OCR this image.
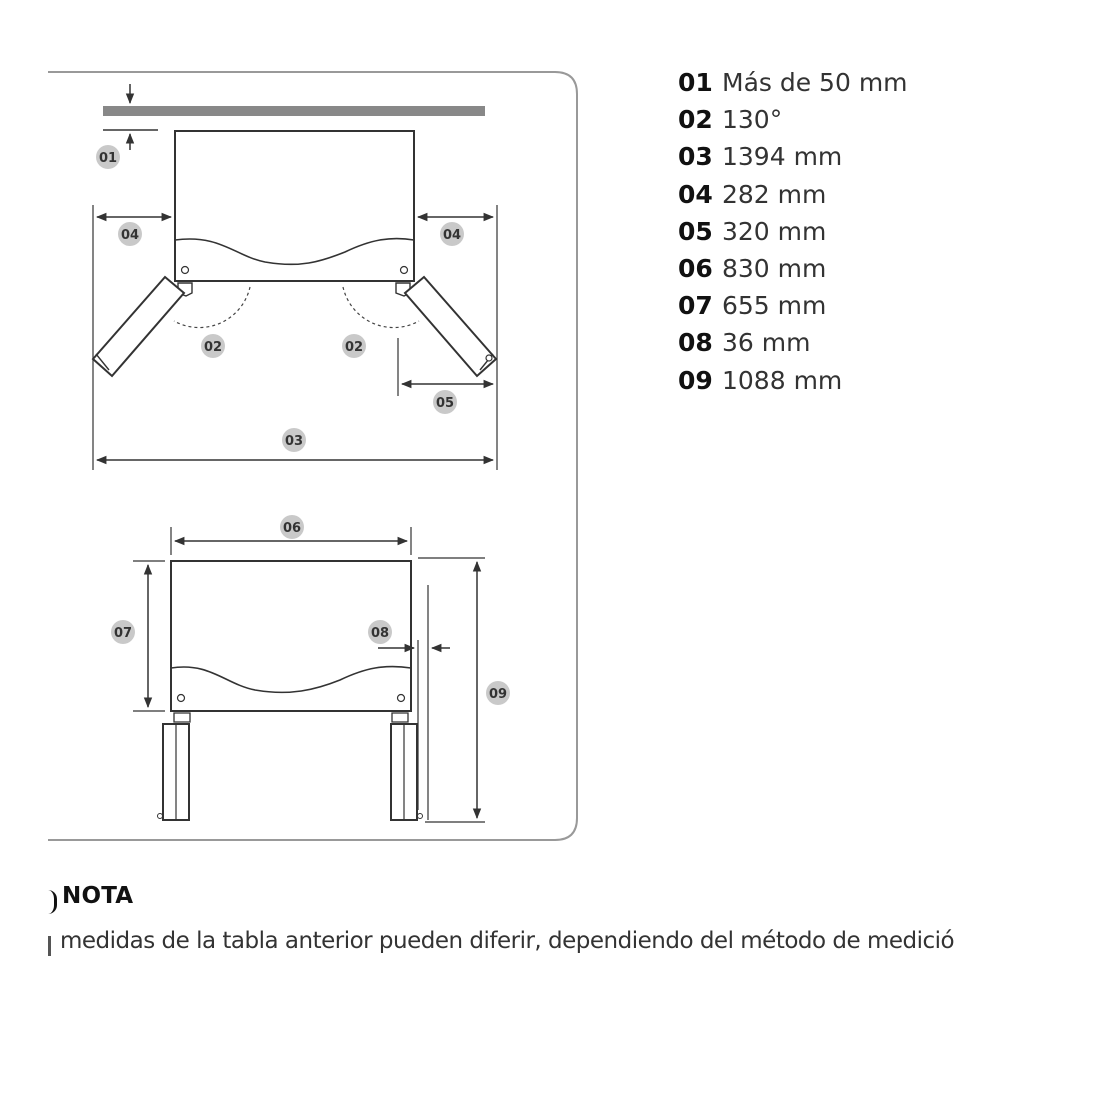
01
04	04
02	02
05
03
06
07	08
09
01 Más de 50 mm
02 130°
03 1394 mm
04 282 mm
05 320 mm
06 830 mm
07 655 mm
08 36 mm
09 1088 mm
NOTA
medidas de la tabla anterior pueden diferir, dependiendo del método de medició
